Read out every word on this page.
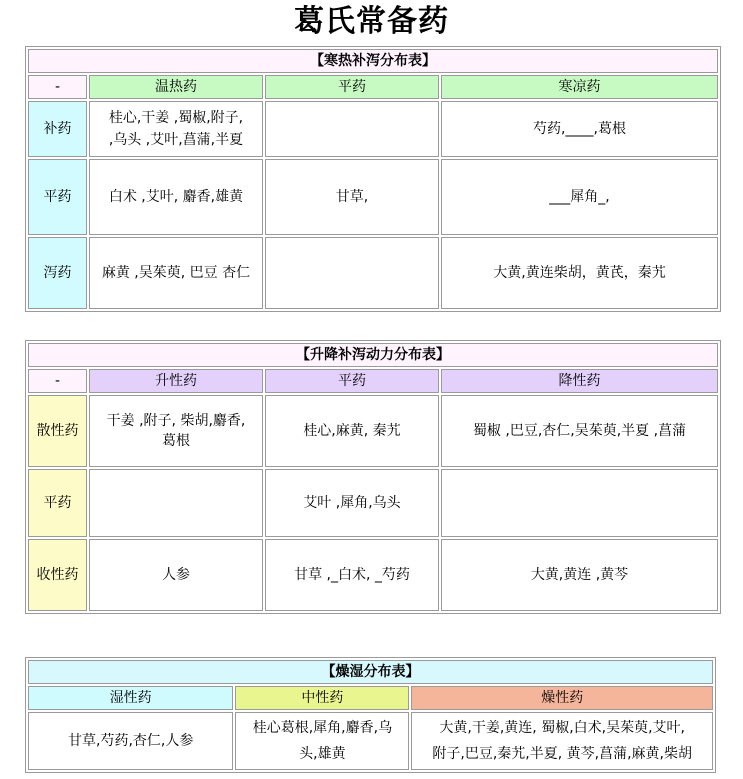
葛氏常备药
【寒热补泻分布表】			
-	温热药	平药	寒凉药
补药	桂心,干姜 ,蜀椒,附子,
,乌头 ,艾叶,菖蒲,半夏		芍药,____,葛根
平药	白术 ,艾叶, 麝香,雄黄	甘草,	___犀角_,
泻药	麻黄 ,吴茱萸, 巴豆 杏仁		大黄,黄连柴胡，黄芪，秦艽
【升降补泻动力分布表】			
-	升性药	平药	降性药
散性药	干姜 ,附子, 柴胡,麝香,
葛根	桂心,麻黄, 秦艽	蜀椒 ,巴豆,杏仁,吴茱萸,半夏 ,菖蒲
平药		艾叶 ,犀角,乌头	
收性药	人参	甘草 ,_白术, _芍药	大黄,黄连 ,黄芩
【燥湿分布表】		
湿性药	中性药	燥性药
甘草,芍药,杏仁,人参	桂心葛根,犀角,麝香,乌
头,雄黄	大黄,干姜,黄连, 蜀椒,白术,吴茱萸,艾叶,
附子,巴豆,秦艽,半夏, 黄芩,菖蒲,麻黄,柴胡
